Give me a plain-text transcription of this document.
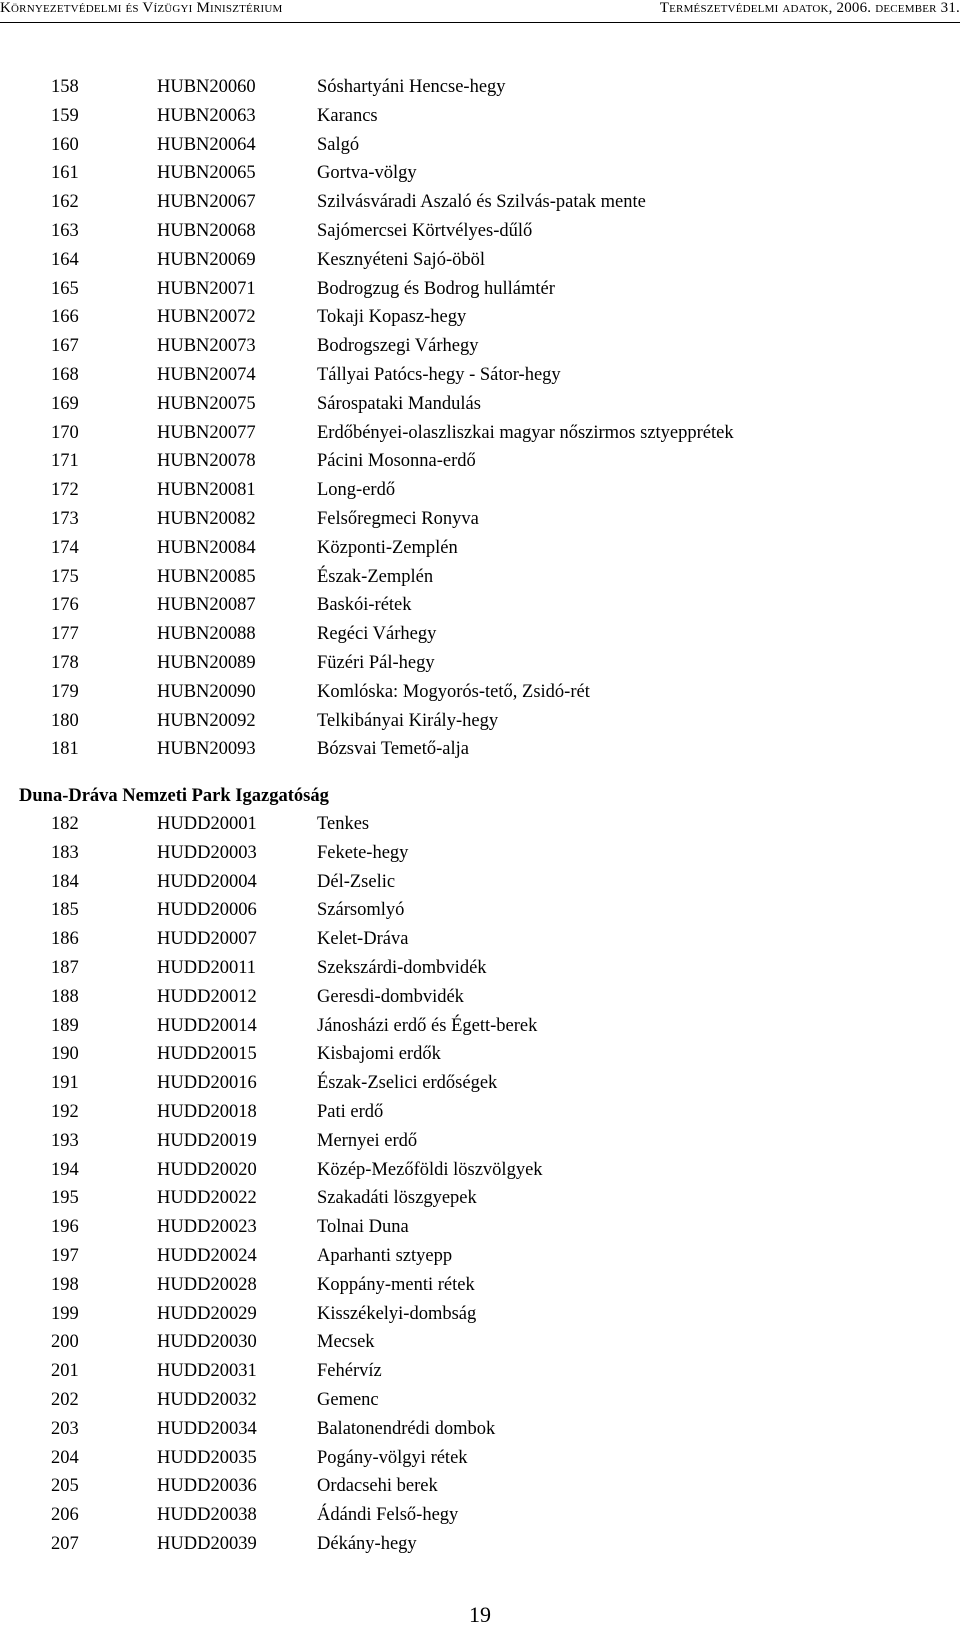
Környezetvédelmi és Vízügyi Minisztérium	Természetvédelmi adatok, 2006. december 31.
158	HUBN20060	Sóshartyáni Hencse-hegy
159	HUBN20063	Karancs
160	HUBN20064	Salgó
161	HUBN20065	Gortva-völgy
162	HUBN20067	Szilvásváradi Aszaló és Szilvás-patak mente
163	HUBN20068	Sajómercsei Körtvélyes-dűlő
164	HUBN20069	Kesznyéteni Sajó-öböl
165	HUBN20071	Bodrogzug és Bodrog hullámtér
166	HUBN20072	Tokaji Kopasz-hegy
167	HUBN20073	Bodrogszegi Várhegy
168	HUBN20074	Tállyai Patócs-hegy - Sátor-hegy
169	HUBN20075	Sárospataki Mandulás
170	HUBN20077	Erdőbényei-olaszliszkai magyar nőszirmos sztyepprétek
171	HUBN20078	Pácini Mosonna-erdő
172	HUBN20081	Long-erdő
173	HUBN20082	Felsőregmeci Ronyva
174	HUBN20084	Központi-Zemplén
175	HUBN20085	Észak-Zemplén
176	HUBN20087	Baskói-rétek
177	HUBN20088	Regéci Várhegy
178	HUBN20089	Füzéri Pál-hegy
179	HUBN20090	Komlóska: Mogyorós-tető, Zsidó-rét
180	HUBN20092	Telkibányai Király-hegy
181	HUBN20093	Bózsvai Temető-alja
Duna-Dráva Nemzeti Park Igazgatóság
182	HUDD20001	Tenkes
183	HUDD20003	Fekete-hegy
184	HUDD20004	Dél-Zselic
185	HUDD20006	Szársomlyó
186	HUDD20007	Kelet-Dráva
187	HUDD20011	Szekszárdi-dombvidék
188	HUDD20012	Geresdi-dombvidék
189	HUDD20014	Jánosházi erdő és Égett-berek
190	HUDD20015	Kisbajomi erdők
191	HUDD20016	Észak-Zselici erdőségek
192	HUDD20018	Pati erdő
193	HUDD20019	Mernyei erdő
194	HUDD20020	Közép-Mezőföldi löszvölgyek
195	HUDD20022	Szakadáti löszgyepek
196	HUDD20023	Tolnai Duna
197	HUDD20024	Aparhanti sztyepp
198	HUDD20028	Koppány-menti rétek
199	HUDD20029	Kisszékelyi-dombság
200	HUDD20030	Mecsek
201	HUDD20031	Fehérvíz
202	HUDD20032	Gemenc
203	HUDD20034	Balatonendrédi dombok
204	HUDD20035	Pogány-völgyi rétek
205	HUDD20036	Ordacsehi berek
206	HUDD20038	Ádándi Felső-hegy
207	HUDD20039	Dékány-hegy
19
